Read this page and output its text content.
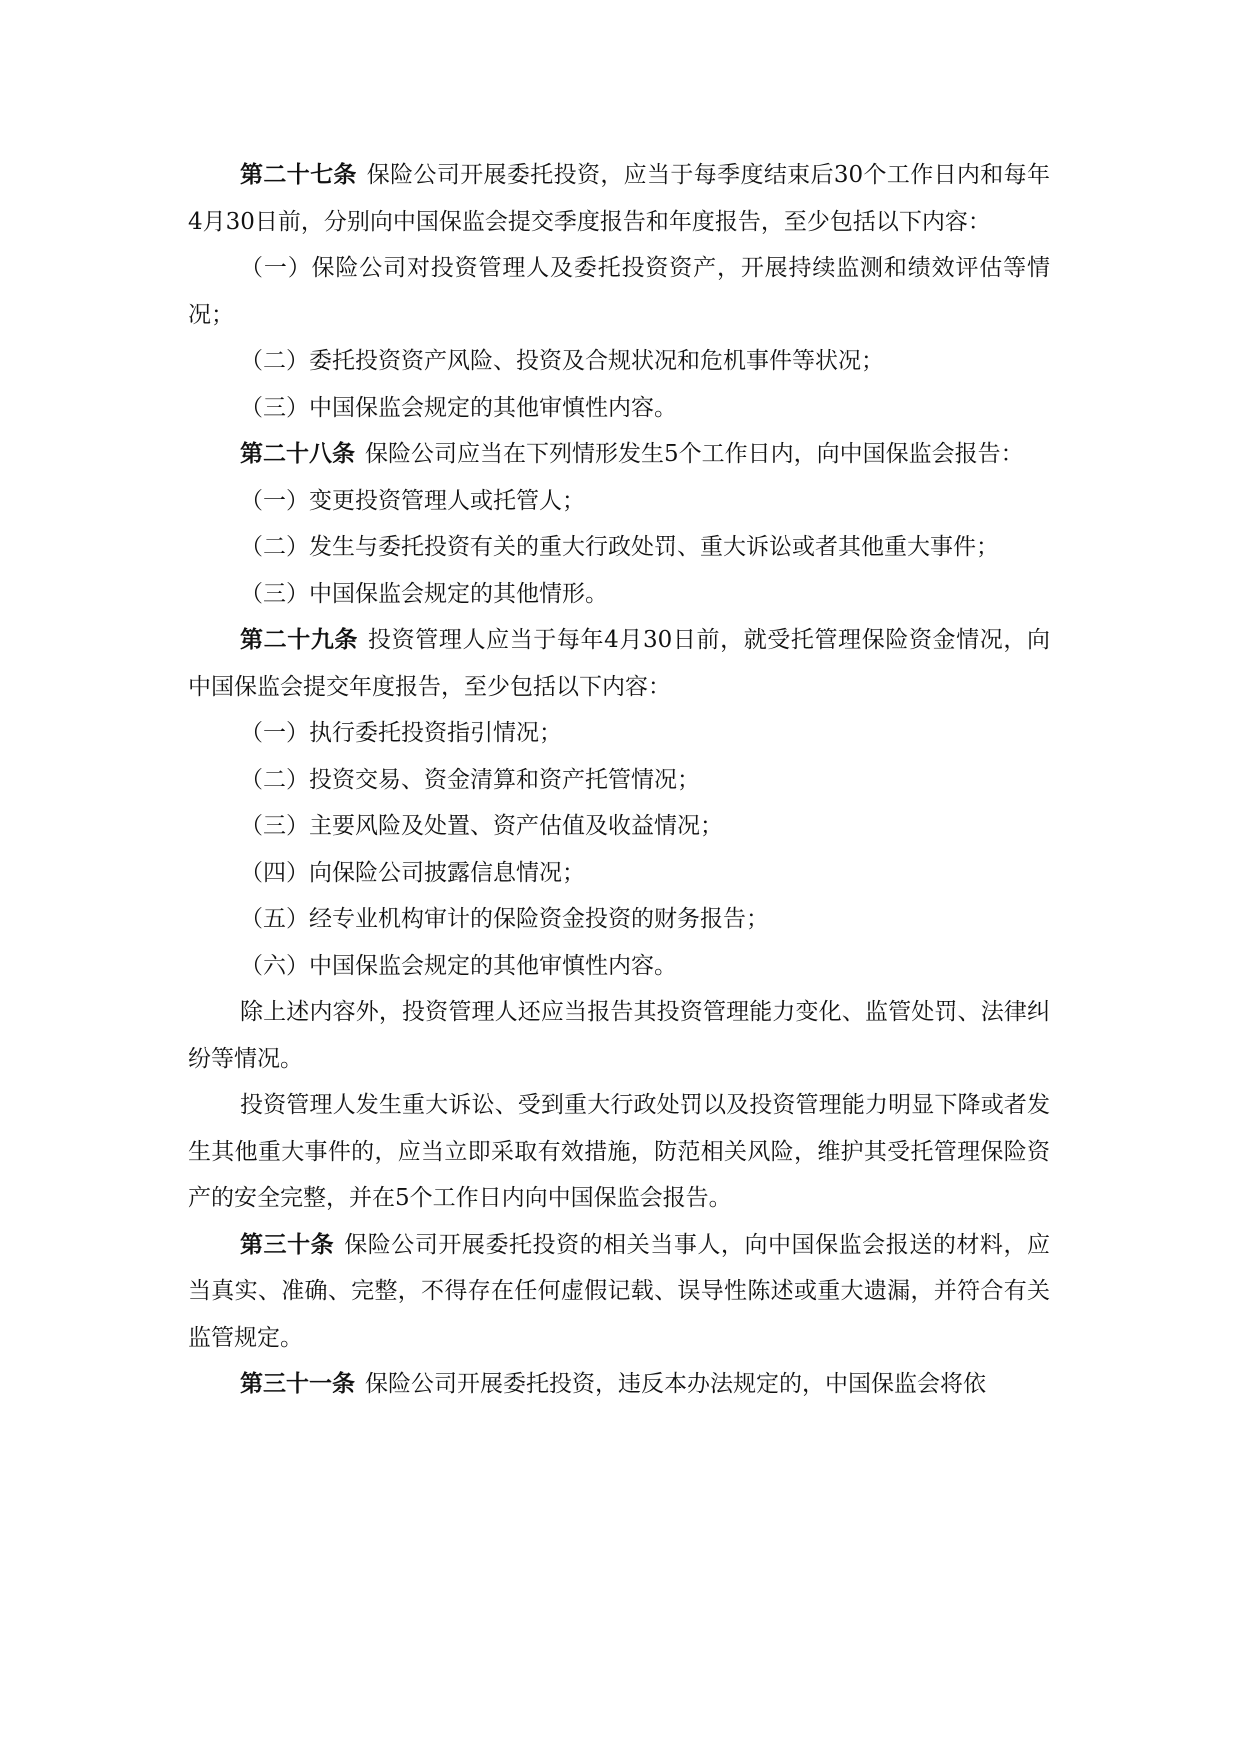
第二十七条 保险公司开展委托投资，应当于每季度结束后30个工作日内和每年4月30日前，分别向中国保监会提交季度报告和年度报告，至少包括以下内容：

（一）保险公司对投资管理人及委托投资资产，开展持续监测和绩效评估等情况；

（二）委托投资资产风险、投资及合规状况和危机事件等状况；

（三）中国保监会规定的其他审慎性内容。

第二十八条 保险公司应当在下列情形发生5个工作日内，向中国保监会报告：

（一）变更投资管理人或托管人；

（二）发生与委托投资有关的重大行政处罚、重大诉讼或者其他重大事件；

（三）中国保监会规定的其他情形。

第二十九条 投资管理人应当于每年4月30日前，就受托管理保险资金情况，向中国保监会提交年度报告，至少包括以下内容：

（一）执行委托投资指引情况；

（二）投资交易、资金清算和资产托管情况；

（三）主要风险及处置、资产估值及收益情况；

（四）向保险公司披露信息情况；

（五）经专业机构审计的保险资金投资的财务报告；

（六）中国保监会规定的其他审慎性内容。

除上述内容外，投资管理人还应当报告其投资管理能力变化、监管处罚、法律纠纷等情况。

投资管理人发生重大诉讼、受到重大行政处罚以及投资管理能力明显下降或者发生其他重大事件的，应当立即采取有效措施，防范相关风险，维护其受托管理保险资产的安全完整，并在5个工作日内向中国保监会报告。

第三十条 保险公司开展委托投资的相关当事人，向中国保监会报送的材料，应当真实、准确、完整，不得存在任何虚假记载、误导性陈述或重大遗漏，并符合有关监管规定。

第三十一条 保险公司开展委托投资，违反本办法规定的，中国保监会将依
